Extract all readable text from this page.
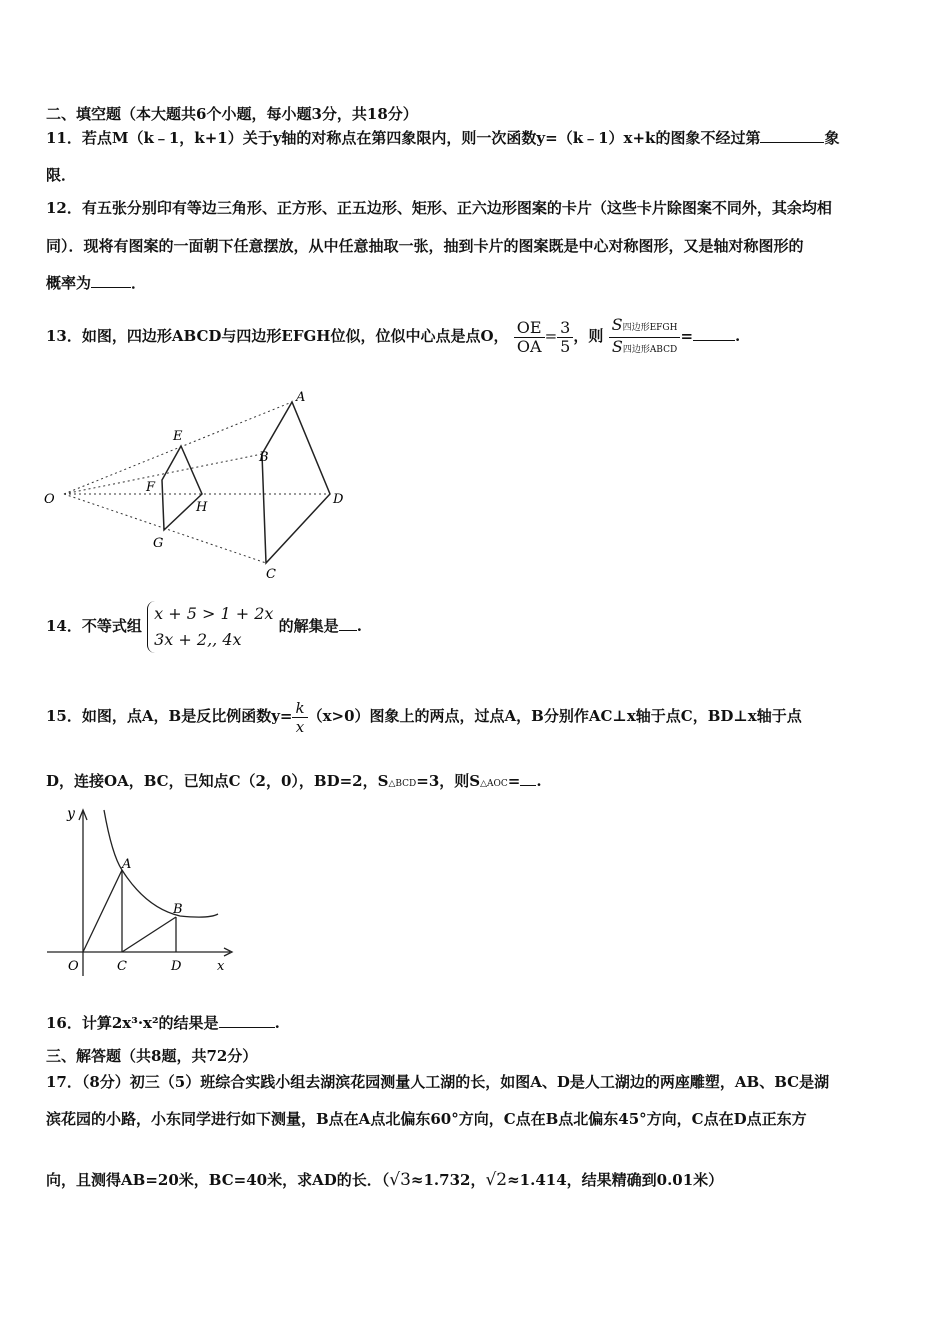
二、填空题（本大题共6个小题，每小题3分，共18分）
11．若点M（k﹣1，k+1）关于y轴的对称点在第四象限内，则一次函数y=（k﹣1）x+k的图象不经过第	象
限．
12．有五张分别印有等边三角形、正方形、正五边形、矩形、正六边形图案的卡片（这些卡片除图案不同外，其余均相
同）．现将有图案的一面朝下任意摆放，从中任意抽取一张，抽到卡片的图案既是中心对称图形，又是轴对称图形的
概率为	．
13．如图，四边形ABCD与四边形EFGH位似，位似中心点是点O， $\frac{OE}{OA} = \frac{3}{5}$ ，则 $\frac{\text{S四边形EFGH}}{\text{S四边形ABCD}}$ =	.
A
B
C
D
E
F
G
H
O
14．不等式组
x + 5 > 1 + 2x
3x + 2,, 4x
的解集是 .
15．如图，点A，B是反比例函数$y= \frac{k}{x} (x>0)$图象上的两点，过点A，B分别作AC⊥x轴于点C，BD⊥x轴于点
D，连接OA，BC，已知点C（2，0），BD=2，S△BCD=3，则S△AOC= .
y
A
B
O	C	D	x
16．计算2x³·x²的结果是	.
三、解答题（共8题，共72分）
17．（8分）初三（5）班综合实践小组去湖滨花园测量人工湖的长，如图A、D是人工湖边的两座雕塑，AB、BC是湖
滨花园的小路，小东同学进行如下测量，B点在A点北偏东60°方向，C点在B点北偏东45°方向，C点在D点正东方
向，且测得AB=20米，BC=40米，求AD的长．（√3≈1.732，√2≈1.414，结果精确到0.01米）
